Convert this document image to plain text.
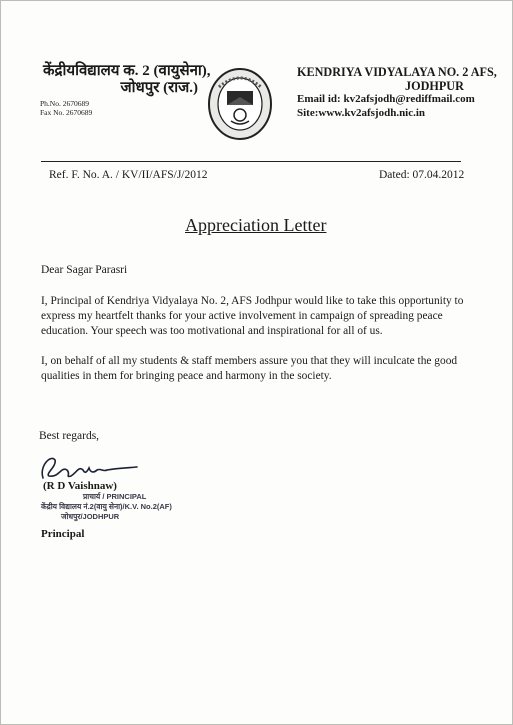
केंद्रीयविद्यालय क. 2 (वायुसेना),
जोधपुर (राज.)
Ph.No. 2670689
Fax No. 2670689
KENDRIYA VIDYALAYA NO. 2 AFS,
JODHPUR
Email id: kv2afsjodh@rediffmail.com
Site:www.kv2afsjodh.nic.in
Ref. F. No. A. / KV/II/AFS/J/2012	Dated: 07.04.2012
Appreciation Letter
Dear Sagar Parasri
I, Principal of Kendriya Vidyalaya No. 2, AFS Jodhpur would like to take this opportunity to express my heartfelt thanks for your active involvement in campaign of spreading peace education. Your speech was too motivational and inspirational for all of us.
I, on behalf of all my students & staff members assure you that they will inculcate the good qualities in them for bringing peace and harmony in the society.
Best regards,
(R D Vaishnaw)
प्राचार्य / PRINCIPAL
केंद्रीय विद्यालय नं.2(वायु सेना)/K.V. No.2(AF)
जोधपुर/JODHPUR
Principal
